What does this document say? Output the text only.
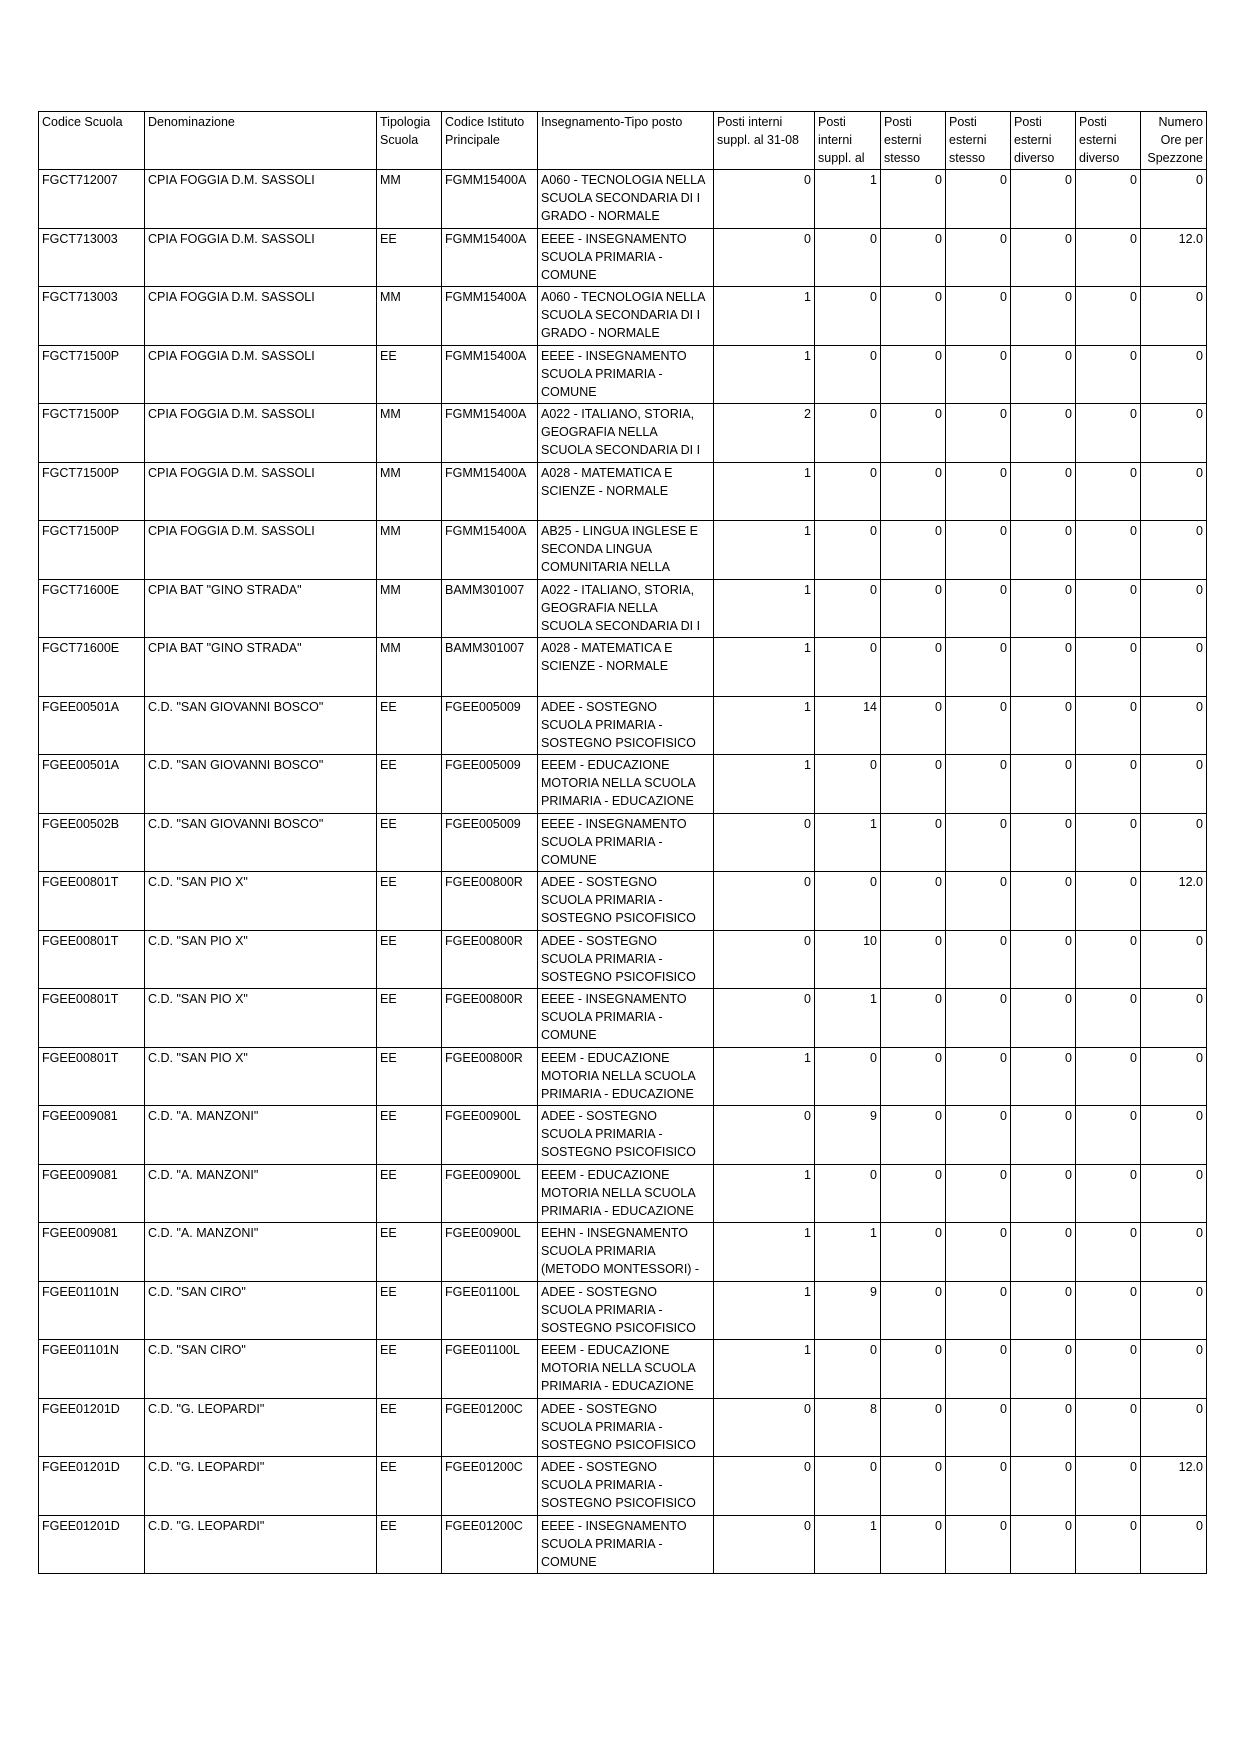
Codice Scuola	Denominazione	Tipologia Scuola	Codice Istituto Principale	Insegnamento-Tipo posto	Posti interni suppl. al 31-08	Posti interni suppl. al	Posti esterni stesso	Posti esterni stesso	Posti esterni diverso	Posti esterni diverso	Numero Ore per Spezzone

FGCT712007	CPIA FOGGIA D.M. SASSOLI	MM	FGMM15400A	A060 - TECNOLOGIA NELLA SCUOLA SECONDARIA DI I GRADO - NORMALE	0	1	0	0	0	0	0

FGCT713003	CPIA FOGGIA D.M. SASSOLI	EE	FGMM15400A	EEEE - INSEGNAMENTO SCUOLA PRIMARIA - COMUNE	0	0	0	0	0	0	12.0

FGCT713003	CPIA FOGGIA D.M. SASSOLI	MM	FGMM15400A	A060 - TECNOLOGIA NELLA SCUOLA SECONDARIA DI I GRADO - NORMALE	1	0	0	0	0	0	0

FGCT71500P	CPIA FOGGIA D.M. SASSOLI	EE	FGMM15400A	EEEE - INSEGNAMENTO SCUOLA PRIMARIA - COMUNE	1	0	0	0	0	0	0

FGCT71500P	CPIA FOGGIA D.M. SASSOLI	MM	FGMM15400A	A022 - ITALIANO, STORIA, GEOGRAFIA NELLA SCUOLA SECONDARIA DI I	2	0	0	0	0	0	0

FGCT71500P	CPIA FOGGIA D.M. SASSOLI	MM	FGMM15400A	A028 - MATEMATICA E SCIENZE - NORMALE	1	0	0	0	0	0	0

FGCT71500P	CPIA FOGGIA D.M. SASSOLI	MM	FGMM15400A	AB25 - LINGUA INGLESE E SECONDA LINGUA COMUNITARIA NELLA	1	0	0	0	0	0	0

FGCT71600E	CPIA BAT "GINO STRADA"	MM	BAMM301007	A022 - ITALIANO, STORIA, GEOGRAFIA NELLA SCUOLA SECONDARIA DI I	1	0	0	0	0	0	0

FGCT71600E	CPIA BAT "GINO STRADA"	MM	BAMM301007	A028 - MATEMATICA E SCIENZE - NORMALE	1	0	0	0	0	0	0

FGEE00501A	C.D. "SAN GIOVANNI BOSCO"	EE	FGEE005009	ADEE - SOSTEGNO SCUOLA PRIMARIA - SOSTEGNO PSICOFISICO	1	14	0	0	0	0	0

FGEE00501A	C.D. "SAN GIOVANNI BOSCO"	EE	FGEE005009	EEEM - EDUCAZIONE MOTORIA NELLA SCUOLA PRIMARIA - EDUCAZIONE	1	0	0	0	0	0	0

FGEE00502B	C.D. "SAN GIOVANNI BOSCO"	EE	FGEE005009	EEEE - INSEGNAMENTO SCUOLA PRIMARIA - COMUNE	0	1	0	0	0	0	0

FGEE00801T	C.D. "SAN PIO X"	EE	FGEE00800R	ADEE - SOSTEGNO SCUOLA PRIMARIA - SOSTEGNO PSICOFISICO	0	0	0	0	0	0	12.0

FGEE00801T	C.D. "SAN PIO X"	EE	FGEE00800R	ADEE - SOSTEGNO SCUOLA PRIMARIA - SOSTEGNO PSICOFISICO	0	10	0	0	0	0	0

FGEE00801T	C.D. "SAN PIO X"	EE	FGEE00800R	EEEE - INSEGNAMENTO SCUOLA PRIMARIA - COMUNE	0	1	0	0	0	0	0

FGEE00801T	C.D. "SAN PIO X"	EE	FGEE00800R	EEEM - EDUCAZIONE MOTORIA NELLA SCUOLA PRIMARIA - EDUCAZIONE	1	0	0	0	0	0	0

FGEE009081	C.D. "A. MANZONI"	EE	FGEE00900L	ADEE - SOSTEGNO SCUOLA PRIMARIA - SOSTEGNO PSICOFISICO	0	9	0	0	0	0	0

FGEE009081	C.D. "A. MANZONI"	EE	FGEE00900L	EEEM - EDUCAZIONE MOTORIA NELLA SCUOLA PRIMARIA - EDUCAZIONE	1	0	0	0	0	0	0

FGEE009081	C.D. "A. MANZONI"	EE	FGEE00900L	EEHN - INSEGNAMENTO SCUOLA PRIMARIA (METODO MONTESSORI) -	1	1	0	0	0	0	0

FGEE01101N	C.D. "SAN CIRO"	EE	FGEE01100L	ADEE - SOSTEGNO SCUOLA PRIMARIA - SOSTEGNO PSICOFISICO	1	9	0	0	0	0	0

FGEE01101N	C.D. "SAN CIRO"	EE	FGEE01100L	EEEM - EDUCAZIONE MOTORIA NELLA SCUOLA PRIMARIA - EDUCAZIONE	1	0	0	0	0	0	0

FGEE01201D	C.D. "G. LEOPARDI"	EE	FGEE01200C	ADEE - SOSTEGNO SCUOLA PRIMARIA - SOSTEGNO PSICOFISICO	0	8	0	0	0	0	0

FGEE01201D	C.D. "G. LEOPARDI"	EE	FGEE01200C	ADEE - SOSTEGNO SCUOLA PRIMARIA - SOSTEGNO PSICOFISICO	0	0	0	0	0	0	12.0

FGEE01201D	C.D. "G. LEOPARDI"	EE	FGEE01200C	EEEE - INSEGNAMENTO SCUOLA PRIMARIA - COMUNE	0	1	0	0	0	0	0
